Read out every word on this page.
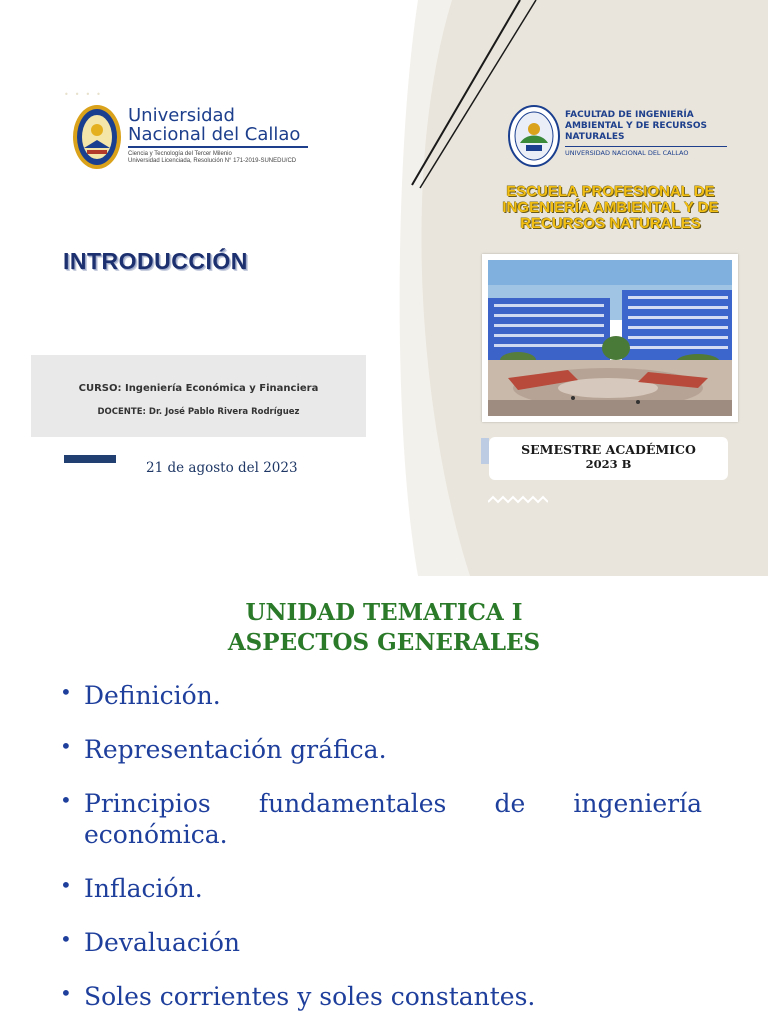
••••
Universidad
Nacional del Callao
Ciencia y Tecnología del Tercer Milenio
Universidad Licenciada, Resolución N° 171-2019-SUNEDU/CD
INTRODUCCIÓN
CURSO: Ingeniería Económica y Financiera
DOCENTE: Dr. José Pablo Rivera Rodríguez
21 de agosto del 2023
FACULTAD DE INGENIERÍA
AMBIENTAL Y DE RECURSOS
NATURALES
UNIVERSIDAD NACIONAL DEL CALLAO
ESCUELA PROFESIONAL DE
INGENIERÍA AMBIENTAL Y DE
RECURSOS NATURALES
SEMESTRE ACADÉMICO
2023 B
UNIDAD TEMATICA I
ASPECTOS GENERALES
• Definición.
• Representación gráfica.
• Principios fundamentales de ingeniería
económica.
• Inflación.
• Devaluación
• Soles corrientes y soles constantes.
